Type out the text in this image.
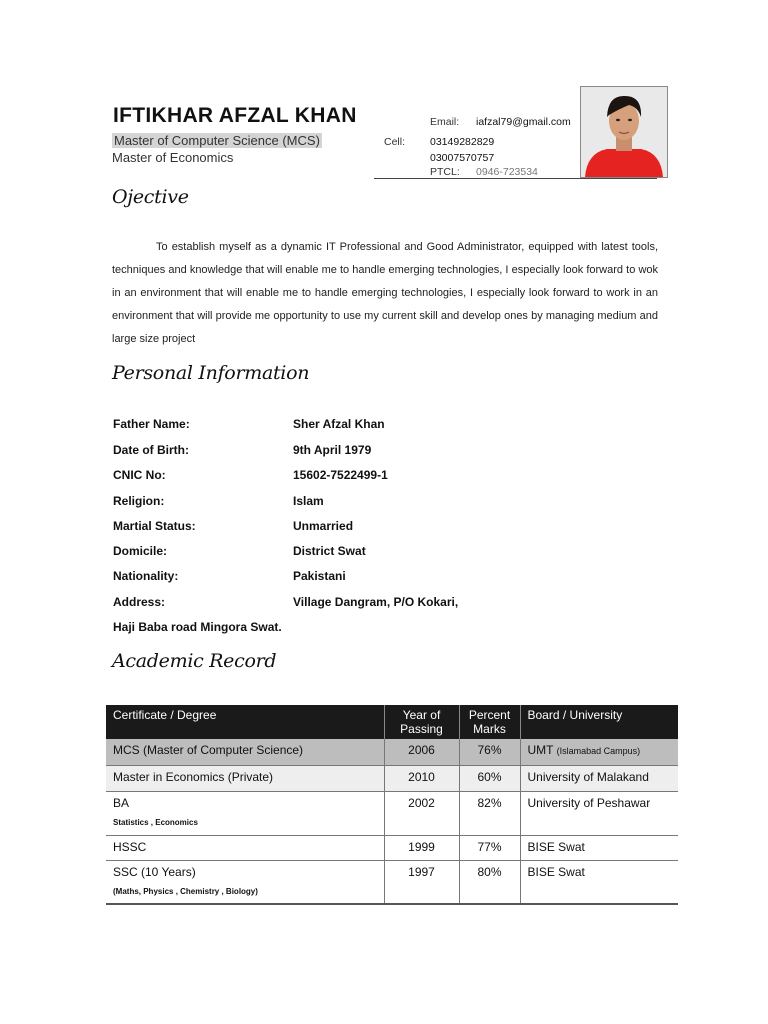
IFTIKHAR AFZAL KHAN
Master of Computer Science (MCS)
Master of Economics
Email: iafzal79@gmail.com
Cell: 03149282829
03007570757
PTCL: 0946-723534
Ojective
To establish myself as a dynamic IT Professional and Good Administrator, equipped with latest tools, techniques and knowledge that will enable me to handle emerging technologies, I especially look forward to wok in an environment that will enable me to handle emerging technologies, I especially look forward to work in an environment that will provide me opportunity to use my current skill and develop ones by managing medium and large size project
Personal Information
Father Name:	Sher Afzal Khan
Date of Birth:	9th April 1979
CNIC No:	15602-7522499-1
Religion:	Islam
Martial Status:	Unmarried
Domicile:	District Swat
Nationality:	Pakistani
Address:	Village Dangram, P/O Kokari,
Haji Baba road Mingora Swat.
Academic Record
Certificate / Degree	Year of Passing	Percent Marks	Board / University
MCS (Master of Computer Science)	2006	76%	UMT (Islamabad Campus)
Master in Economics (Private)	2010	60%	University of Malakand
BA
Statistics , Economics	2002	82%	University of Peshawar
HSSC	1999	77%	BISE Swat
SSC (10 Years)
(Maths, Physics , Chemistry , Biology)	1997	80%	BISE Swat
